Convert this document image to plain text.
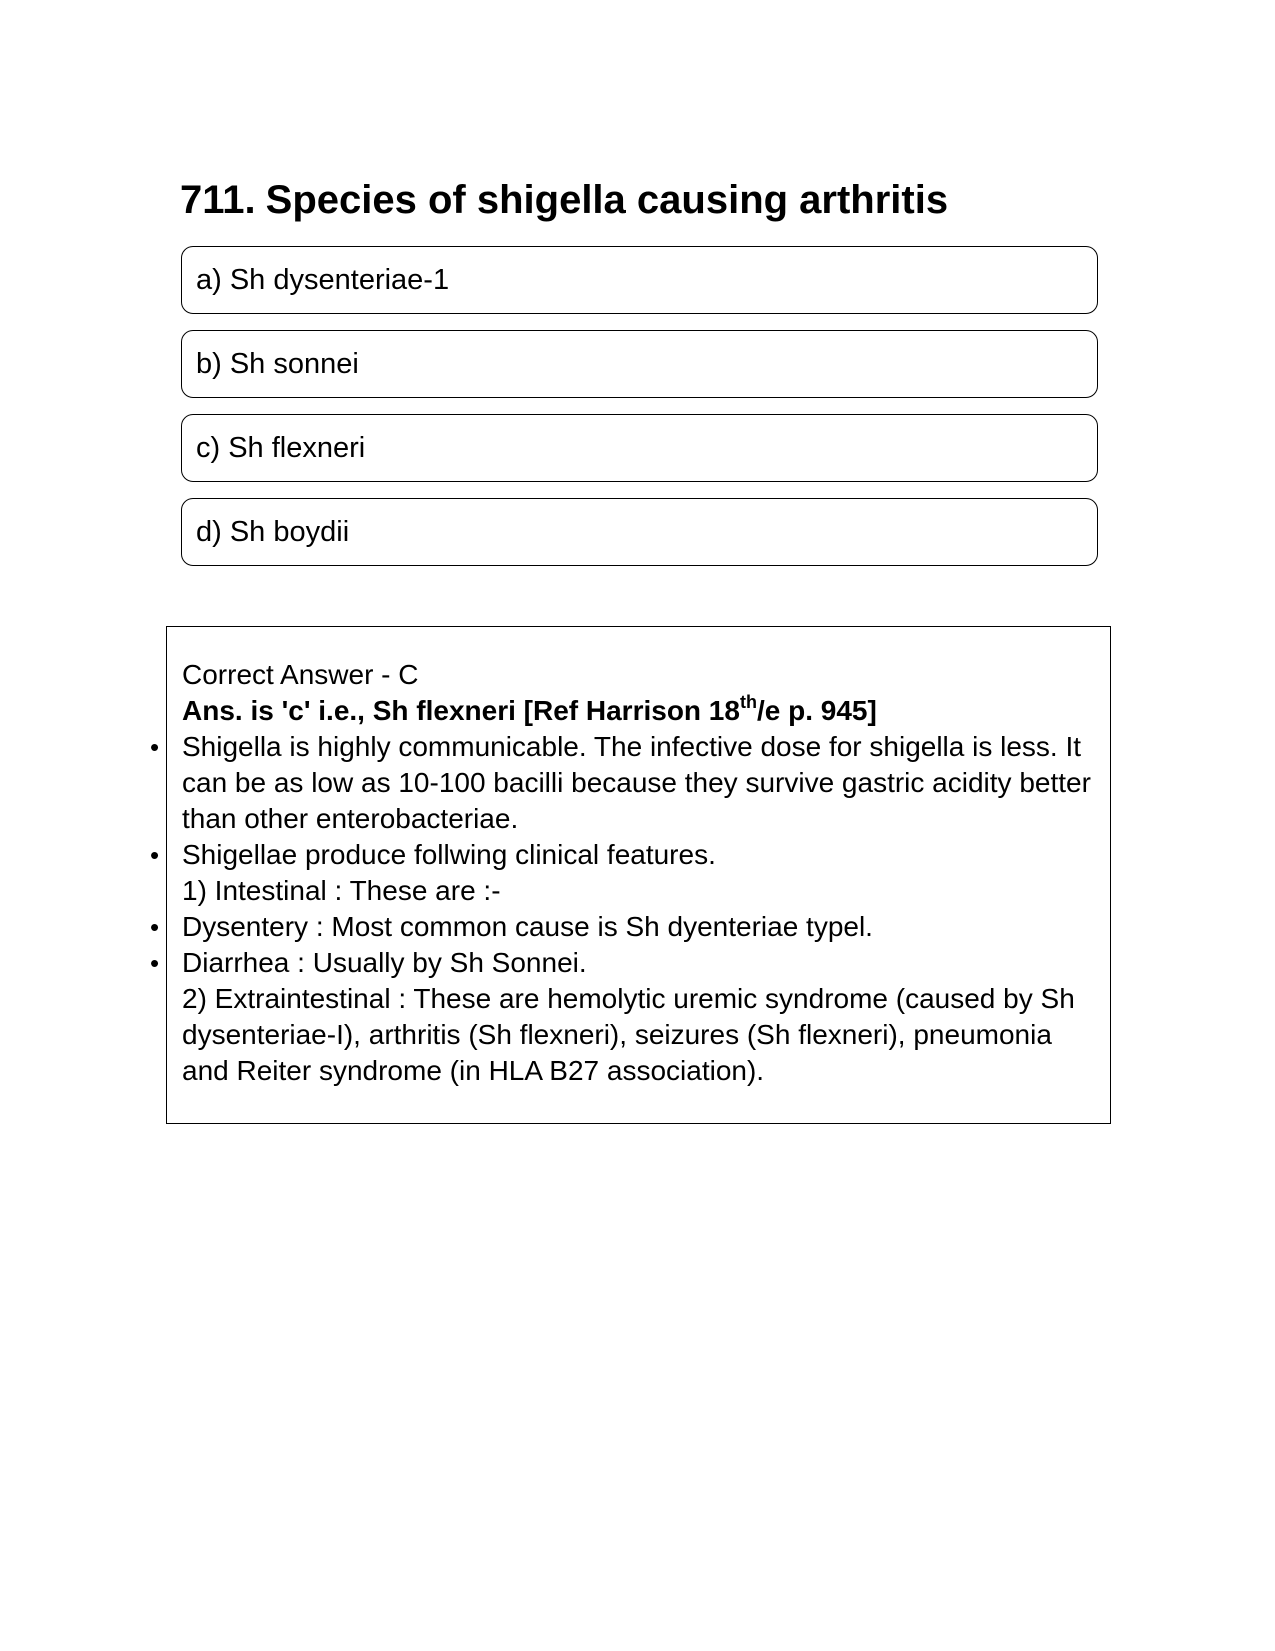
711. Species of shigella causing arthritis
a) Sh dysenteriae-1
b) Sh sonnei
c) Sh flexneri
d) Sh boydii
Correct Answer - C
Ans. is 'c' i.e., Sh flexneri [Ref Harrison 18th/e p. 945]
• Shigella is highly communicable. The infective dose for shigella is less. It can be as low as 10-100 bacilli because they survive gastric acidity better than other enterobacteriae.
• Shigellae produce follwing clinical features.
1) Intestinal : These are :-
• Dysentery : Most common cause is Sh dyenteriae typel.
• Diarrhea : Usually by Sh Sonnei.
2) Extraintestinal : These are hemolytic uremic syndrome (caused by Sh dysenteriae-I), arthritis (Sh flexneri), seizures (Sh flexneri), pneumonia and Reiter syndrome (in HLA B27 association).
